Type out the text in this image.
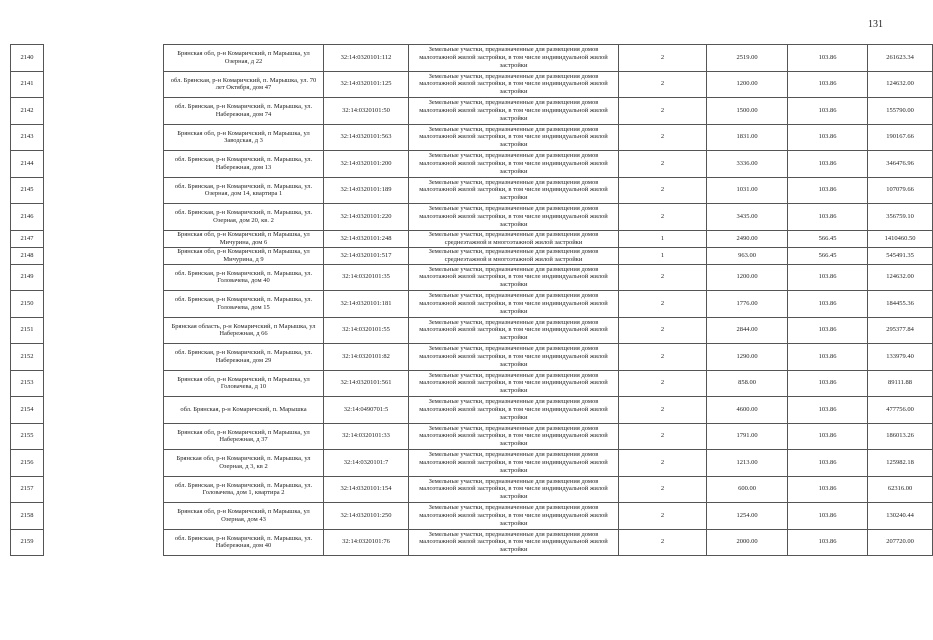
131
2140		Брянская обл, р-н Комаричский, п Марышка, ул Озерная, д 22	32:14:0320101:112	Земельные участки, предназначенные для размещения домов малоэтажной жилой застройки, в том числе индивидуальной жилой застройки	2	2519.00	103.86	261623.34
2141		обл. Брянская, р-н Комаричский, п. Марышка, ул. 70 лет Октября, дом 47	32:14:0320101:125	Земельные участки, предназначенные для размещения домов малоэтажной жилой застройки, в том числе индивидуальной жилой застройки	2	1200.00	103.86	124632.00
2142		обл. Брянская, р-н Комаричский, п. Марышка, ул. Набережная, дом 74	32:14:0320101:50	Земельные участки, предназначенные для размещения домов малоэтажной жилой застройки, в том числе индивидуальной жилой застройки	2	1500.00	103.86	155790.00
2143		Брянская обл, р-н Комаричский, п Марышка, ул Заводская, д 3	32:14:0320101:563	Земельные участки, предназначенные для размещения домов малоэтажной жилой застройки, в том числе индивидуальной жилой застройки	2	1831.00	103.86	190167.66
2144		обл. Брянская, р-н Комаричский, п. Марышка, ул. Набережная, дом 13	32:14:0320101:200	Земельные участки, предназначенные для размещения домов малоэтажной жилой застройки, в том числе индивидуальной жилой застройки	2	3336.00	103.86	346476.96
2145		обл. Брянская, р-н Комаричский, п. Марышка, ул. Озерная, дом 14, квартира 1	32:14:0320101:189	Земельные участки, предназначенные для размещения домов малоэтажной жилой застройки, в том числе индивидуальной жилой застройки	2	1031.00	103.86	107079.66
2146		обл. Брянская, р-н Комаричский, п. Марышка, ул. Озерная, дом 20, кв. 2	32:14:0320101:220	Земельные участки, предназначенные для размещения домов малоэтажной жилой застройки, в том числе индивидуальной жилой застройки	2	3435.00	103.86	356759.10
2147		Брянская обл, р-н Комаричский, п Марышка, ул Мичурина, дом 6	32:14:0320101:248	Земельные участки, предназначенные для размещения домов среднеэтажной и многоэтажной жилой застройки	1	2490.00	566.45	1410460.50
2148		Брянская обл, р-н Комаричский, п Марышка, ул Мичурина, д 9	32:14:0320101:517	Земельные участки, предназначенные для размещения домов среднеэтажной и многоэтажной жилой застройки	1	963.00	566.45	545491.35
2149		обл. Брянская, р-н Комаричский, п. Марышка, ул. Головачева, дом 40	32:14:0320101:35	Земельные участки, предназначенные для размещения домов малоэтажной жилой застройки, в том числе индивидуальной жилой застройки	2	1200.00	103.86	124632.00
2150		обл. Брянская, р-н Комаричский, п. Марышка, ул. Головачева, дом 15	32:14:0320101:181	Земельные участки, предназначенные для размещения домов малоэтажной жилой застройки, в том числе индивидуальной жилой застройки	2	1776.00	103.86	184455.36
2151		Брянская область, р-н Комаричский, п Марышка, ул Набережная, д 66	32:14:0320101:55	Земельные участки, предназначенные для размещения домов малоэтажной жилой застройки, в том числе индивидуальной жилой застройки	2	2844.00	103.86	295377.84
2152		обл. Брянская, р-н Комаричский, п. Марышка, ул. Набережная, дом 29	32:14:0320101:82	Земельные участки, предназначенные для размещения домов малоэтажной жилой застройки, в том числе индивидуальной жилой застройки	2	1290.00	103.86	133979.40
2153		Брянская обл, р-н Комаричский, п Марышка, ул Головачева, д 10	32:14:0320101:561	Земельные участки, предназначенные для размещения домов малоэтажной жилой застройки, в том числе индивидуальной жилой застройки	2	858.00	103.86	89111.88
2154		обл. Брянская, р-н Комаричский, п. Марышка	32:14:0490701:5	Земельные участки, предназначенные для размещения домов малоэтажной жилой застройки, в том числе индивидуальной жилой застройки	2	4600.00	103.86	477756.00
2155		Брянская обл, р-н Комаричский, п Марышка, ул Набережная, д 37	32:14:0320101:33	Земельные участки, предназначенные для размещения домов малоэтажной жилой застройки, в том числе индивидуальной жилой застройки	2	1791.00	103.86	186013.26
2156		Брянская обл, р-н Комаричский, п. Марышка, ул Озерная, д 3, кв 2	32:14:0320101:7	Земельные участки, предназначенные для размещения домов малоэтажной жилой застройки, в том числе индивидуальной жилой застройки	2	1213.00	103.86	125982.18
2157		обл. Брянская, р-н Комаричский, п. Марышка, ул. Головачева, дом 1, квартира 2	32:14:0320101:154	Земельные участки, предназначенные для размещения домов малоэтажной жилой застройки, в том числе индивидуальной жилой застройки	2	600.00	103.86	62316.00
2158		Брянская обл, р-н Комаричский, п Марышка, ул Озерная, дом 43	32:14:0320101:250	Земельные участки, предназначенные для размещения домов малоэтажной жилой застройки, в том числе индивидуальной жилой застройки	2	1254.00	103.86	130240.44
2159		обл. Брянская, р-н Комаричский, п. Марышка, ул. Набережная, дом 40	32:14:0320101:76	Земельные участки, предназначенные для размещения домов малоэтажной жилой застройки, в том числе индивидуальной жилой застройки	2	2000.00	103.86	207720.00
